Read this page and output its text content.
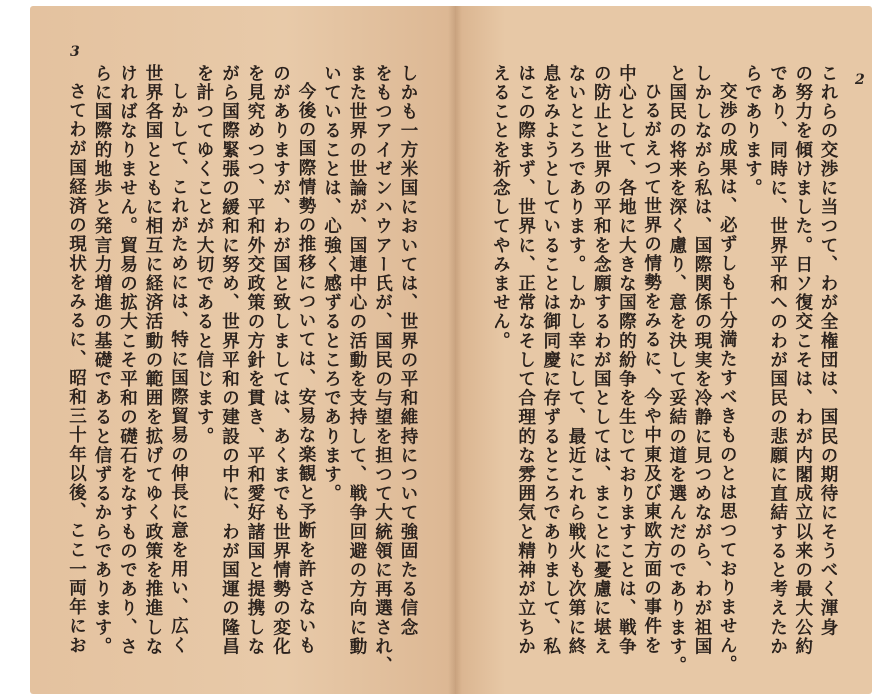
3
しかも一方米国においては、世界の平和維持について強固たる信念
をもつアイゼンハウアー氏が、国民の与望を担つて大統領に再選され、
また世界の世論が、国連中心の活動を支持して、戦争回避の方向に動
いていることは、心強く感ずるところであります。
今後の国際情勢の推移については、安易な楽観と予断を許さないも
のがありますが、わが国と致しましては、あくまでも世界情勢の変化
を見究めつつ、平和外交政策の方針を貫き、平和愛好諸国と提携しな
がら国際緊張の緩和に努め、世界平和の建設の中に、わが国運の隆昌
を計つてゆくことが大切であると信じます。
しかして、これがためには、特に国際貿易の伸長に意を用い、広く
世界各国とともに相互に経済活動の範囲を拡げてゆく政策を推進しな
ければなりません。貿易の拡大こそ平和の礎石をなすものであり、さ
らに国際的地歩と発言力増進の基礎であると信ずるからであります。
さてわが国経済の現状をみるに、昭和三十年以後、ここ一両年にお
2
これらの交渉に当つて、わが全権団は、国民の期待にそうべく渾身
の努力を傾けました。日ソ復交こそは、わが内閣成立以来の最大公約
であり、同時に、世界平和へのわが国民の悲願に直結すると考えたか
らであります。
交渉の成果は、必ずしも十分満たすべきものとは思つておりません。
しかしながら私は、国際関係の現実を冷静に見つめながら、わが祖国
と国民の将来を深く慮り、意を決して妥結の道を選んだのであります。
ひるがえつて世界の情勢をみるに、今や中東及び東欧方面の事件を
中心として、各地に大きな国際的紛争を生じておりますことは、戦争
の防止と世界の平和を念願するわが国としては、まことに憂慮に堪え
ないところであります。しかし幸にして、最近これら戦火も次第に終
息をみようとしていることは御同慶に存ずるところでありまして、私
はこの際まず、世界に、正常なそして合理的な雰囲気と精神が立ちか
えることを祈念してやみません。
